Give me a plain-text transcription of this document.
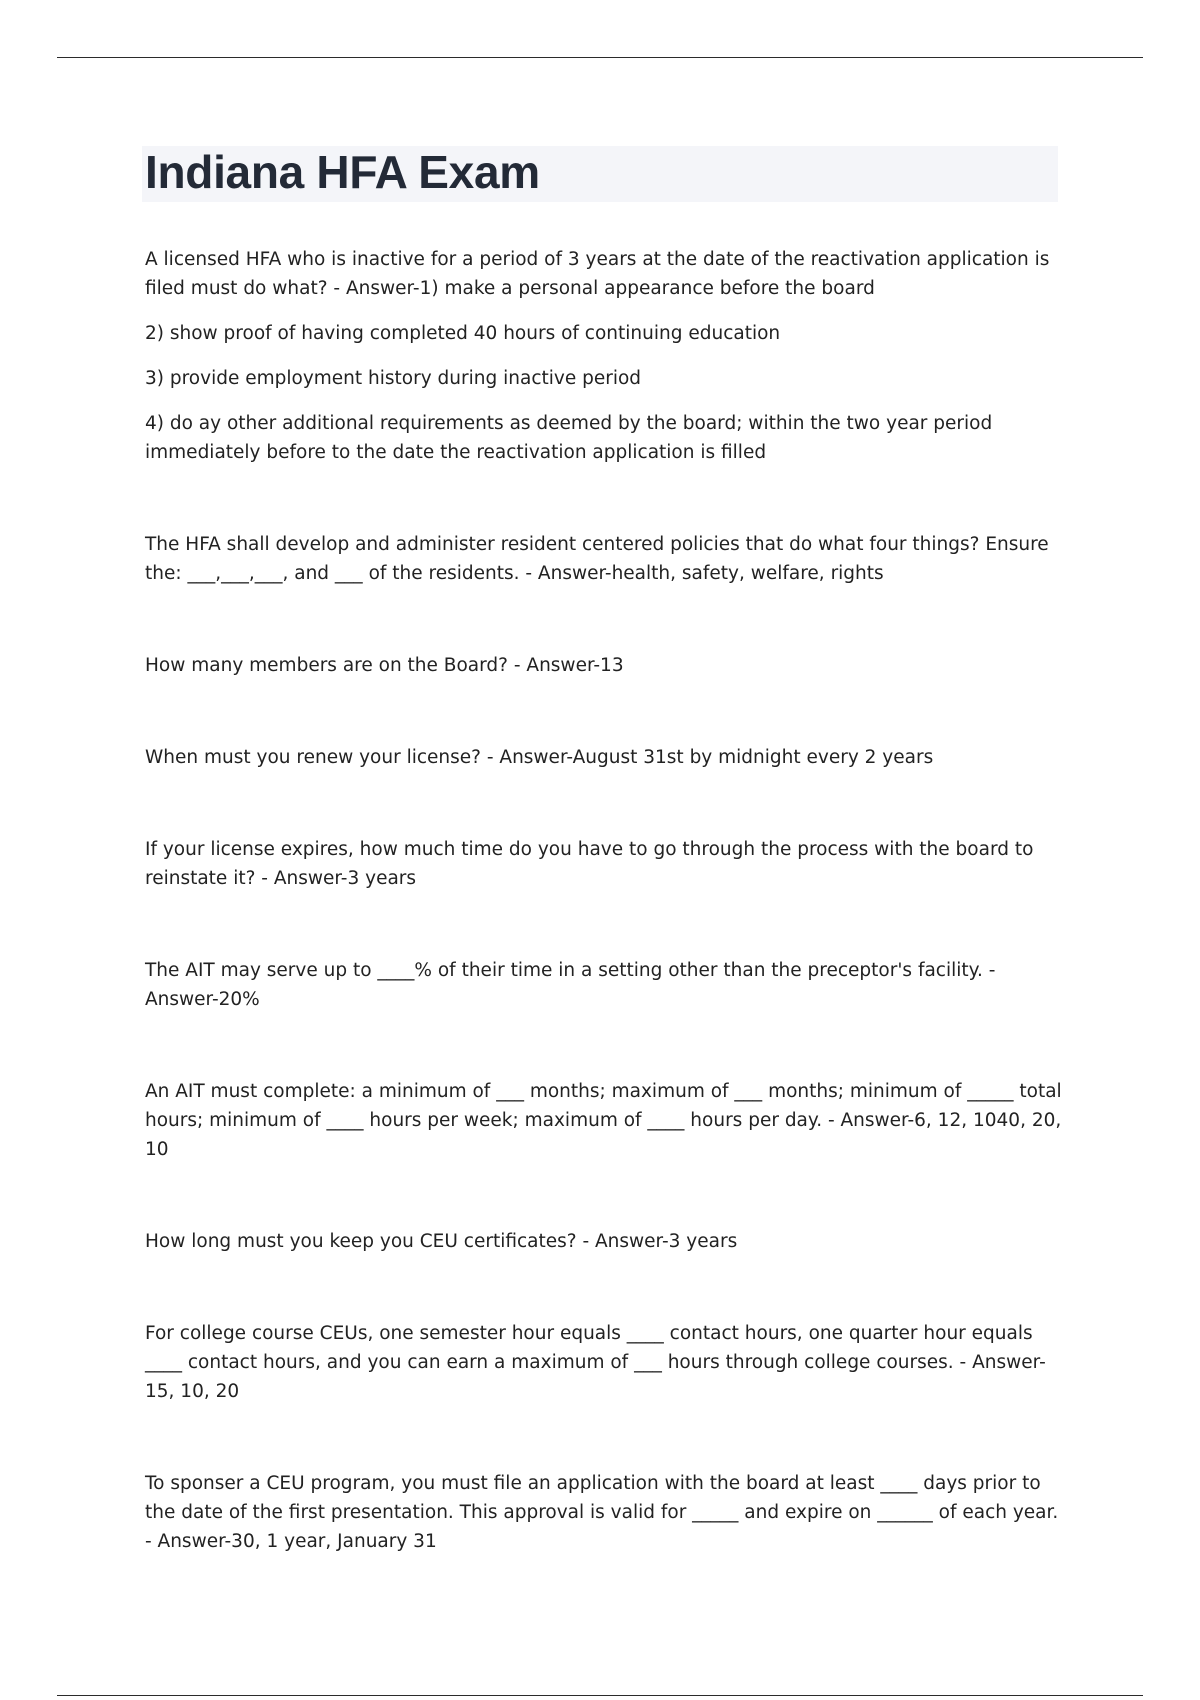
Indiana HFA Exam

A licensed HFA who is inactive for a period of 3 years at the date of the reactivation application is filed must do what? - Answer-1) make a personal appearance before the board

2) show proof of having completed 40 hours of continuing education

3) provide employment history during inactive period

4) do ay other additional requirements as deemed by the board; within the two year period immediately before to the date the reactivation application is filled

The HFA shall develop and administer resident centered policies that do what four things? Ensure the: ___,___,___, and ___ of the residents. - Answer-health, safety, welfare, rights

How many members are on the Board? - Answer-13

When must you renew your license? - Answer-August 31st by midnight every 2 years

If your license expires, how much time do you have to go through the process with the board to reinstate it? - Answer-3 years

The AIT may serve up to ____% of their time in a setting other than the preceptor's facility. - Answer-20%

An AIT must complete: a minimum of ___ months; maximum of ___ months; minimum of _____ total hours; minimum of ____ hours per week; maximum of ____ hours per day. - Answer-6, 12, 1040, 20, 10

How long must you keep you CEU certificates? - Answer-3 years

For college course CEUs, one semester hour equals ____ contact hours, one quarter hour equals ____ contact hours, and you can earn a maximum of ___ hours through college courses. - Answer-15, 10, 20

To sponser a CEU program, you must file an application with the board at least ____ days prior to the date of the first presentation. This approval is valid for _____ and expire on ______ of each year. - Answer-30, 1 year, January 31
